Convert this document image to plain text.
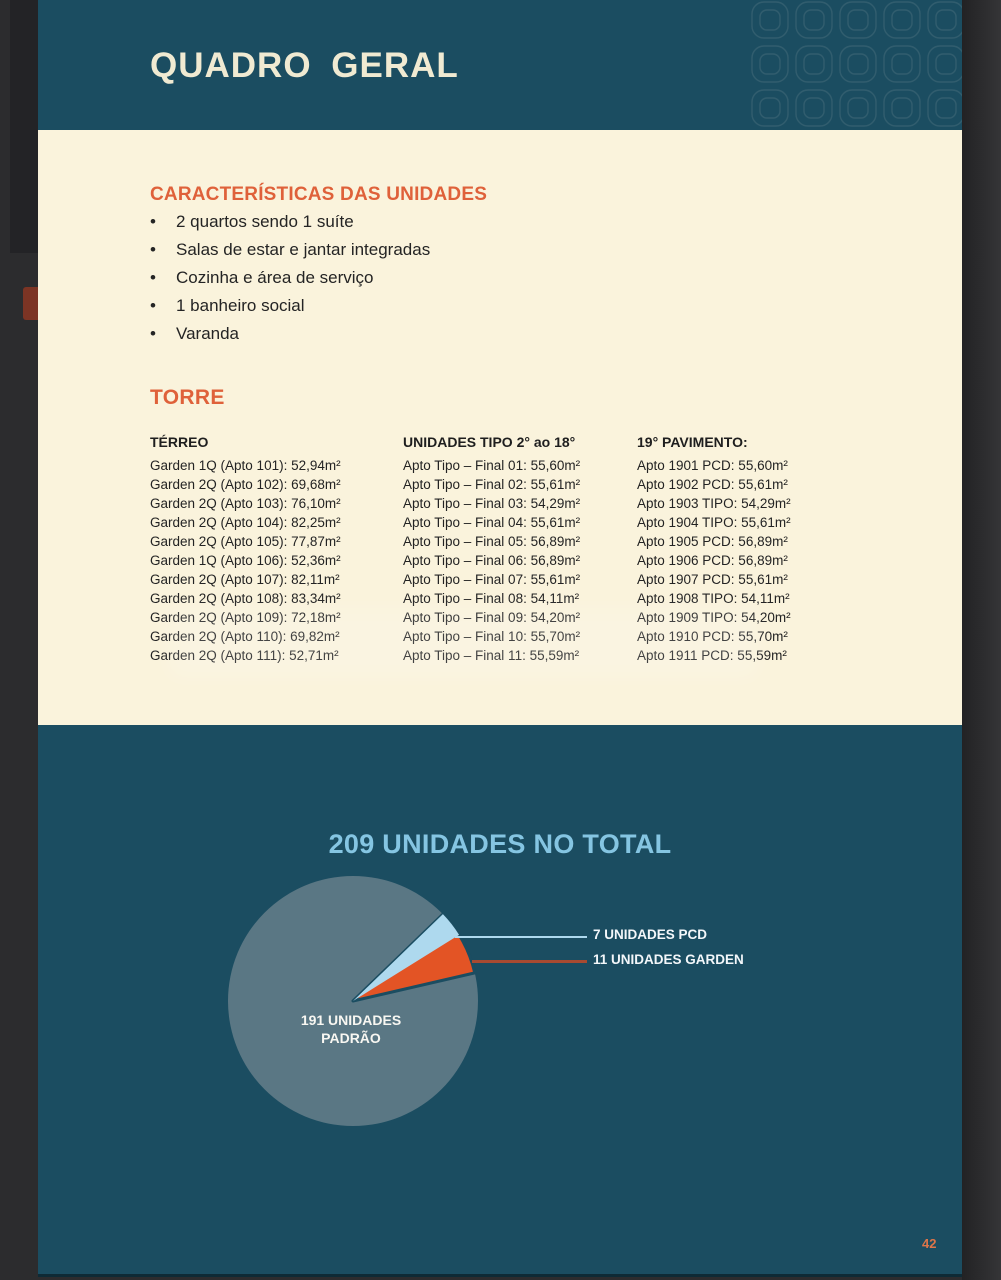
QUADRO GERAL
CARACTERÍSTICAS DAS UNIDADES
• 2 quartos sendo 1 suíte
• Salas de estar e jantar integradas
• Cozinha e área de serviço
• 1 banheiro social
• Varanda
TORRE
TÉRREO
Garden 1Q (Apto 101): 52,94m²
Garden 2Q (Apto 102): 69,68m²
Garden 2Q (Apto 103): 76,10m²
Garden 2Q (Apto 104): 82,25m²
Garden 2Q (Apto 105): 77,87m²
Garden 1Q (Apto 106): 52,36m²
Garden 2Q (Apto 107): 82,11m²
Garden 2Q (Apto 108): 83,34m²
Garden 2Q (Apto 109): 72,18m²
Garden 2Q (Apto 110): 69,82m²
Garden 2Q (Apto 111): 52,71m²
UNIDADES TIPO 2° ao 18°
Apto Tipo – Final 01: 55,60m²
Apto Tipo – Final 02: 55,61m²
Apto Tipo – Final 03: 54,29m²
Apto Tipo – Final 04: 55,61m²
Apto Tipo – Final 05: 56,89m²
Apto Tipo – Final 06: 56,89m²
Apto Tipo – Final 07: 55,61m²
Apto Tipo – Final 08: 54,11m²
Apto Tipo – Final 09: 54,20m²
Apto Tipo – Final 10: 55,70m²
Apto Tipo – Final 11: 55,59m²
19° PAVIMENTO:
Apto 1901 PCD: 55,60m²
Apto 1902 PCD: 55,61m²
Apto 1903 TIPO: 54,29m²
Apto 1904 TIPO: 55,61m²
Apto 1905 PCD: 56,89m²
Apto 1906 PCD: 56,89m²
Apto 1907 PCD: 55,61m²
Apto 1908 TIPO: 54,11m²
Apto 1909 TIPO: 54,20m²
Apto 1910 PCD: 55,70m²
Apto 1911 PCD: 55,59m²
209 UNIDADES NO TOTAL
7 UNIDADES PCD
11 UNIDADES GARDEN
191 UNIDADES
PADRÃO
42
